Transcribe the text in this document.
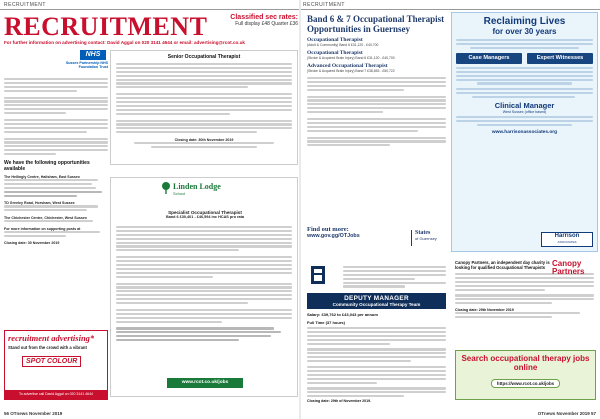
RECRUITMENT	RECRUITMENT
RECRUITMENT	Classified sec rates:
Full display £48 Quarter £36
For further information on advertising contact: David Aggal on 020 3141 4644 or email: advertising@rcot.co.uk
NHS
Sussex Partnership NHS Foundation Trust
We have the following opportunities available
The Hellingly Centre, Hailsham, East Sussex
TD Greeley Road, Horsham, West Sussex
The Chichester Centre, Chichester, West Sussex
For more information on supporting posts at
Closing date: 30 November 2019
Senior Occupational Therapist
Closing date: 30th November 2019
Linden Lodge
School
Specialist Occupational Therapist
Band 6 £30,401 - £46,594 inc HCAS pro rata
www.rcot.co.uk/jobs
recruitment advertising*
Stand out from the crowd with a vibrant
SPOT COLOUR
To advertise call David Aggal on 020 3141 4644
56 OTnews November 2019
Band 6 & 7 Occupational Therapist Opportunities in Guernsey
Occupational Therapist
(Adult & Community) Band 6 £31,120 - £40,700
Occupational Therapist
(Stroke & Acquired Brain Injury) Band 6 £31,120 - £40,700
Advanced Occupational Therapist
(Stroke & Acquired Brain Injury) Band 7 £38,653 - £50,722
Find out more:
www.gov.gg/OTJobs	States
of Guernsey
Reclaiming Lives
for over 30 years
Case Managers	Expert Witnesses
Clinical Manager
West Sussex (office based)
www.harrisonassociates.org
Harrison
ASSOCIATES
DEPUTY MANAGER
Community Occupational Therapy Team
Salary: £39,762 to £43,043 per annum
Full Time (37 hours)
Closing date: 29th of November 2019.
Canopy Partners
Canopy Partners, an independent day charity is looking for qualified Occupational Therapists
Closing date: 29th November 2019
Search occupational therapy jobs online
https://www.rcot.co.uk/jobs
OTnews November 2019 57
